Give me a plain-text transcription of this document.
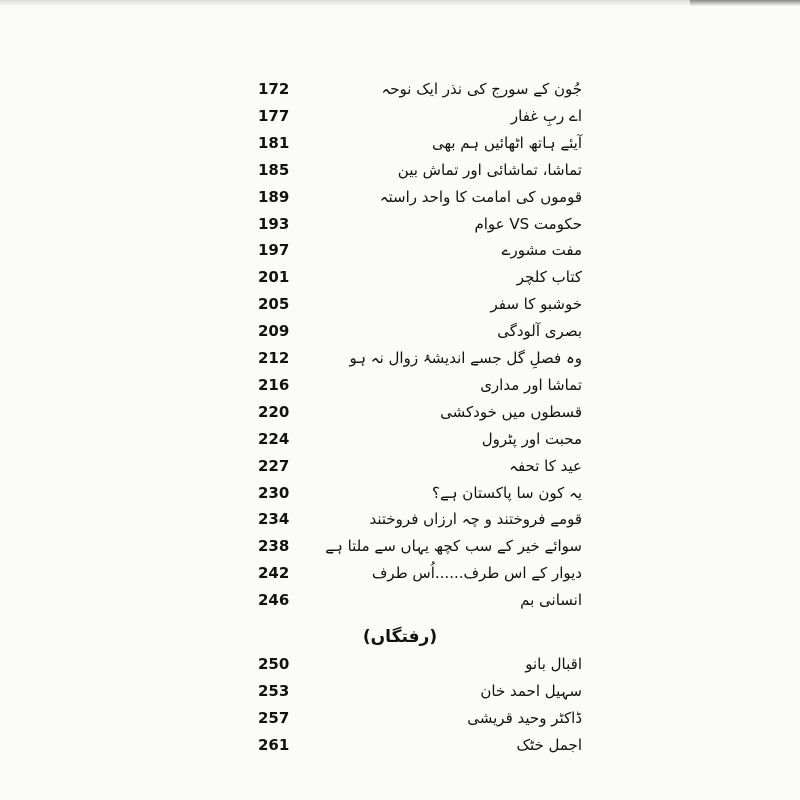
جُون کے سورج کی نذر ایک نوحہ
172
اے ربِ غفار
177
آیئے ہاتھ اٹھائیں ہم بھی
181
تماشا، تماشائی اور تماش بین
185
قوموں کی امامت کا واحد راستہ
189
حکومت VS عوام
193
مفت مشورے
197
کتاب کلچر
201
خوشبو کا سفر
205
بصری آلودگی
209
وہ فصلِ گل جسے اندیشۂ زوال نہ ہو
212
تماشا اور مداری
216
قسطوں میں خودکشی
220
محبت اور پٹرول
224
عید کا تحفہ
227
یہ کون سا پاکستان ہے؟
230
قومے فروختند و چہ ارزاں فروختند
234
سوائے خیر کے سب کچھ یہاں سے ملتا ہے
238
دیوار کے اس طرف......اُس طرف
242
انسانی بم
246
(رفتگاں)
اقبال بانو
250
سہیل احمد خان
253
ڈاکٹر وحید قریشی
257
اجمل خٹک
261
